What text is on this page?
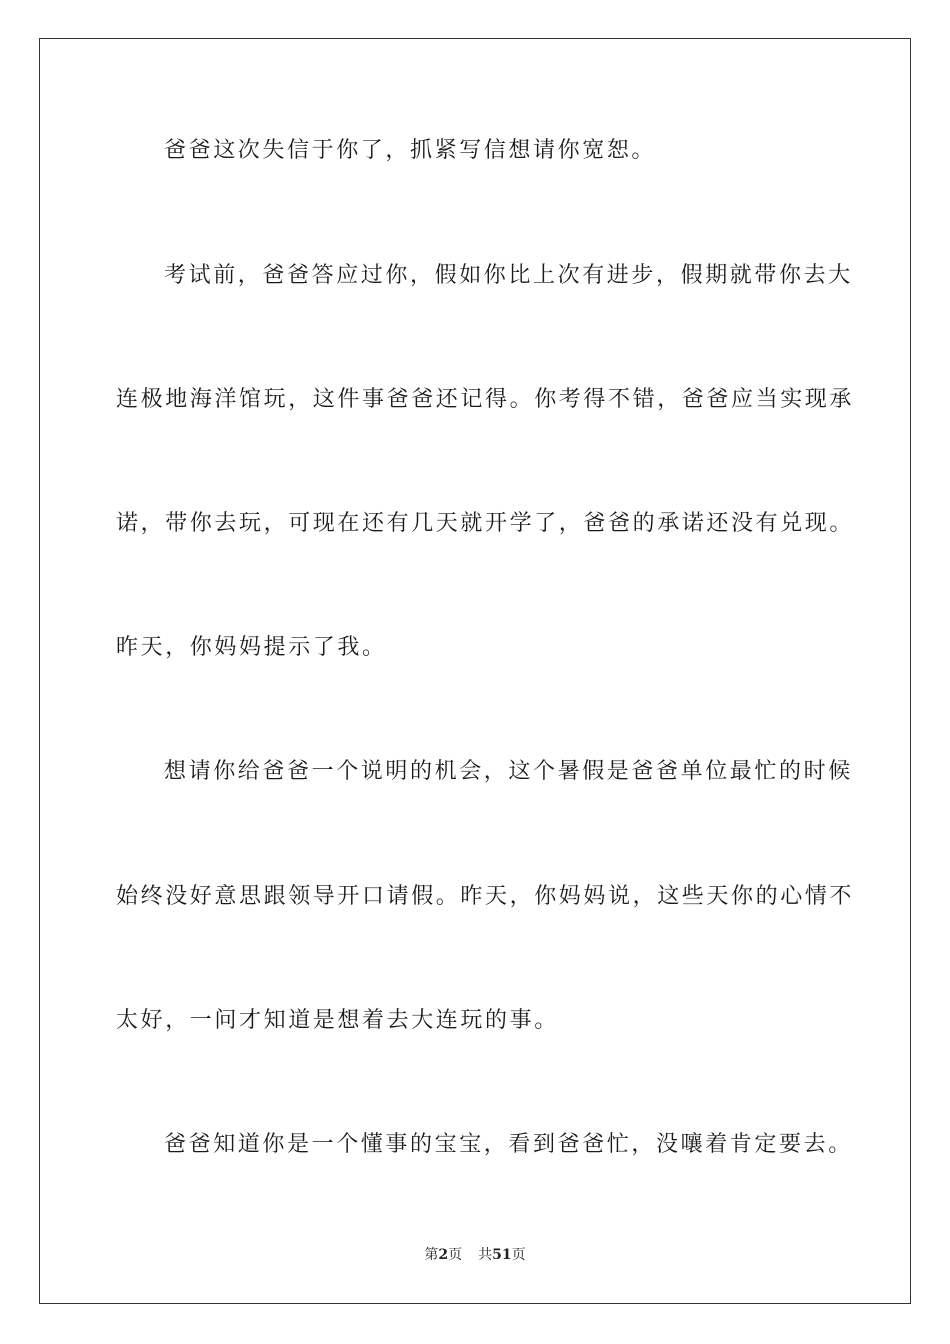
爸爸这次失信于你了，抓紧写信想请你宽恕。
考试前，爸爸答应过你，假如你比上次有进步，假期就带你去大
连极地海洋馆玩，这件事爸爸还记得。你考得不错，爸爸应当实现承
诺，带你去玩，可现在还有几天就开学了，爸爸的承诺还没有兑现。
昨天，你妈妈提示了我。
想请你给爸爸一个说明的机会，这个暑假是爸爸单位最忙的时候
始终没好意思跟领导开口请假。昨天，你妈妈说，这些天你的心情不
太好，一问才知道是想着去大连玩的事。
爸爸知道你是一个懂事的宝宝，看到爸爸忙，没嚷着肯定要去。
第2页 共51页
